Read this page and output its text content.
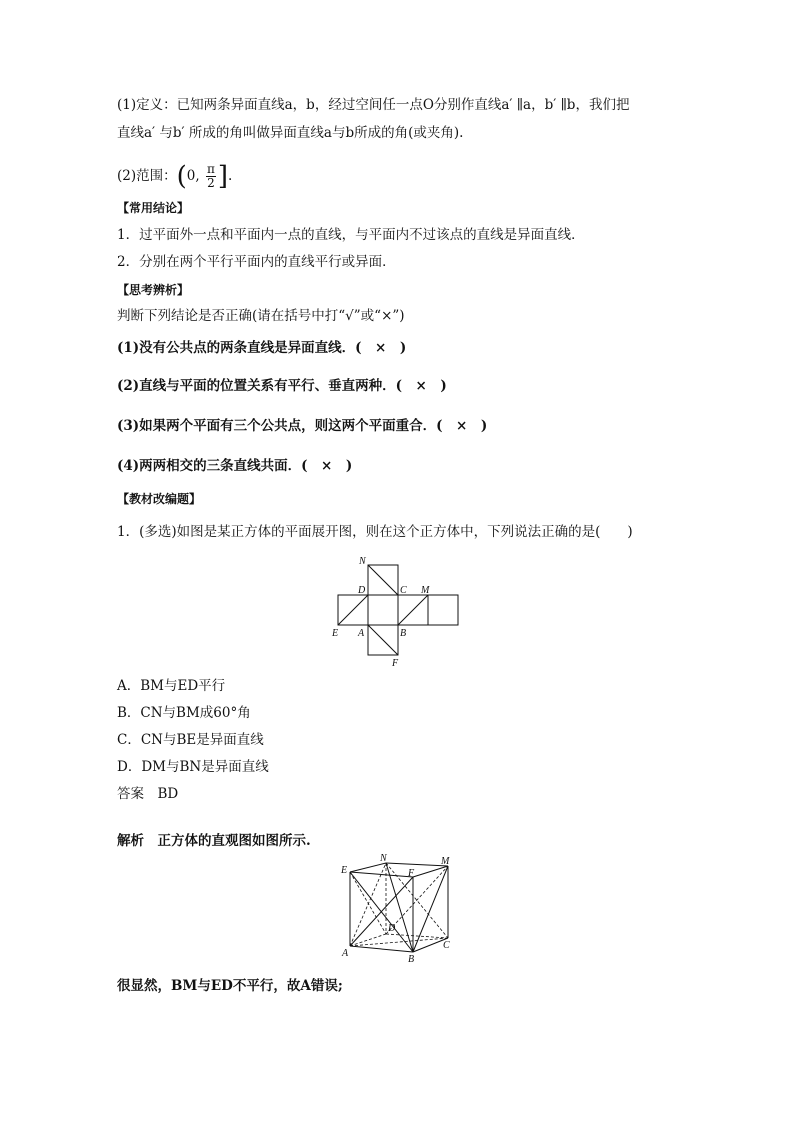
(1)定义：已知两条异面直线a，b，经过空间任一点O分别作直线a′ ∥a，b′ ∥b，我们把
直线a′ 与b′ 所成的角叫做异面直线a与b所成的角(或夹角).
(2)范围：(0, $\frac{\pi}{2}$ ].
【常用结论】
1．过平面外一点和平面内一点的直线，与平面内不过该点的直线是异面直线．
2．分别在两个平行平面内的直线平行或异面．
【思考辨析】
判断下列结论是否正确(请在括号中打“√”或“×”)
(1)没有公共点的两条直线是异面直线．(　×　)
(2)直线与平面的位置关系有平行、垂直两种．(　×　)
(3)如果两个平面有三个公共点，则这两个平面重合．(　×　)
(4)两两相交的三条直线共面．(　×　)
【教材改编题】
1．(多选)如图是某正方体的平面展开图，则在这个正方体中，下列说法正确的是(　　)
N
D	C M
E A	B
F
A．BM与ED平行
B．CN与BM成60°角
C．CN与BE是异面直线
D．DM与BN是异面直线
答案　BD
解析　正方体的直观图如图所示.
E
N
F
M
D
A
B
C
很显然，BM与ED不平行，故A错误;
